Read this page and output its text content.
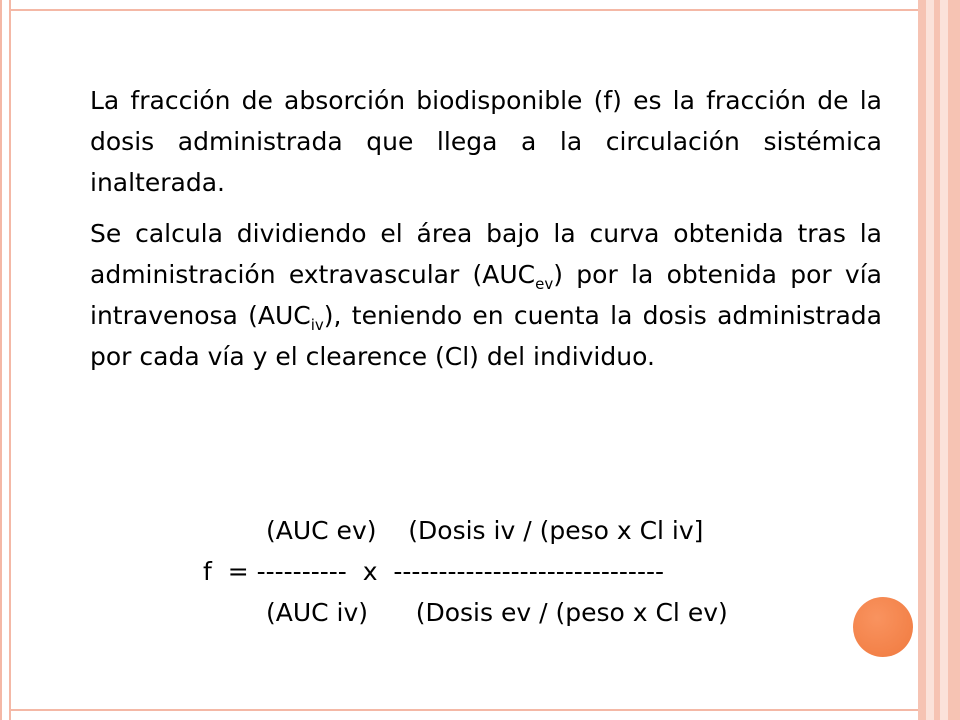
La fracción de absorción biodisponible (f) es la fracción de la dosis administrada que llega a la circulación sistémica inalterada.

Se calcula dividiendo el área bajo la curva obtenida tras la administración extravascular $(AUC_{ev})$ por la obtenida por vía intravenosa $(AUC_{iv})$, teniendo en cuenta la dosis administrada por cada vía y el clearence (Cl) del individuo.

(AUC ev)    (Dosis iv / (peso x Cl iv]
f  = ----------  x  ------------------------------
(AUC iv)      (Dosis ev / (peso x Cl ev)
